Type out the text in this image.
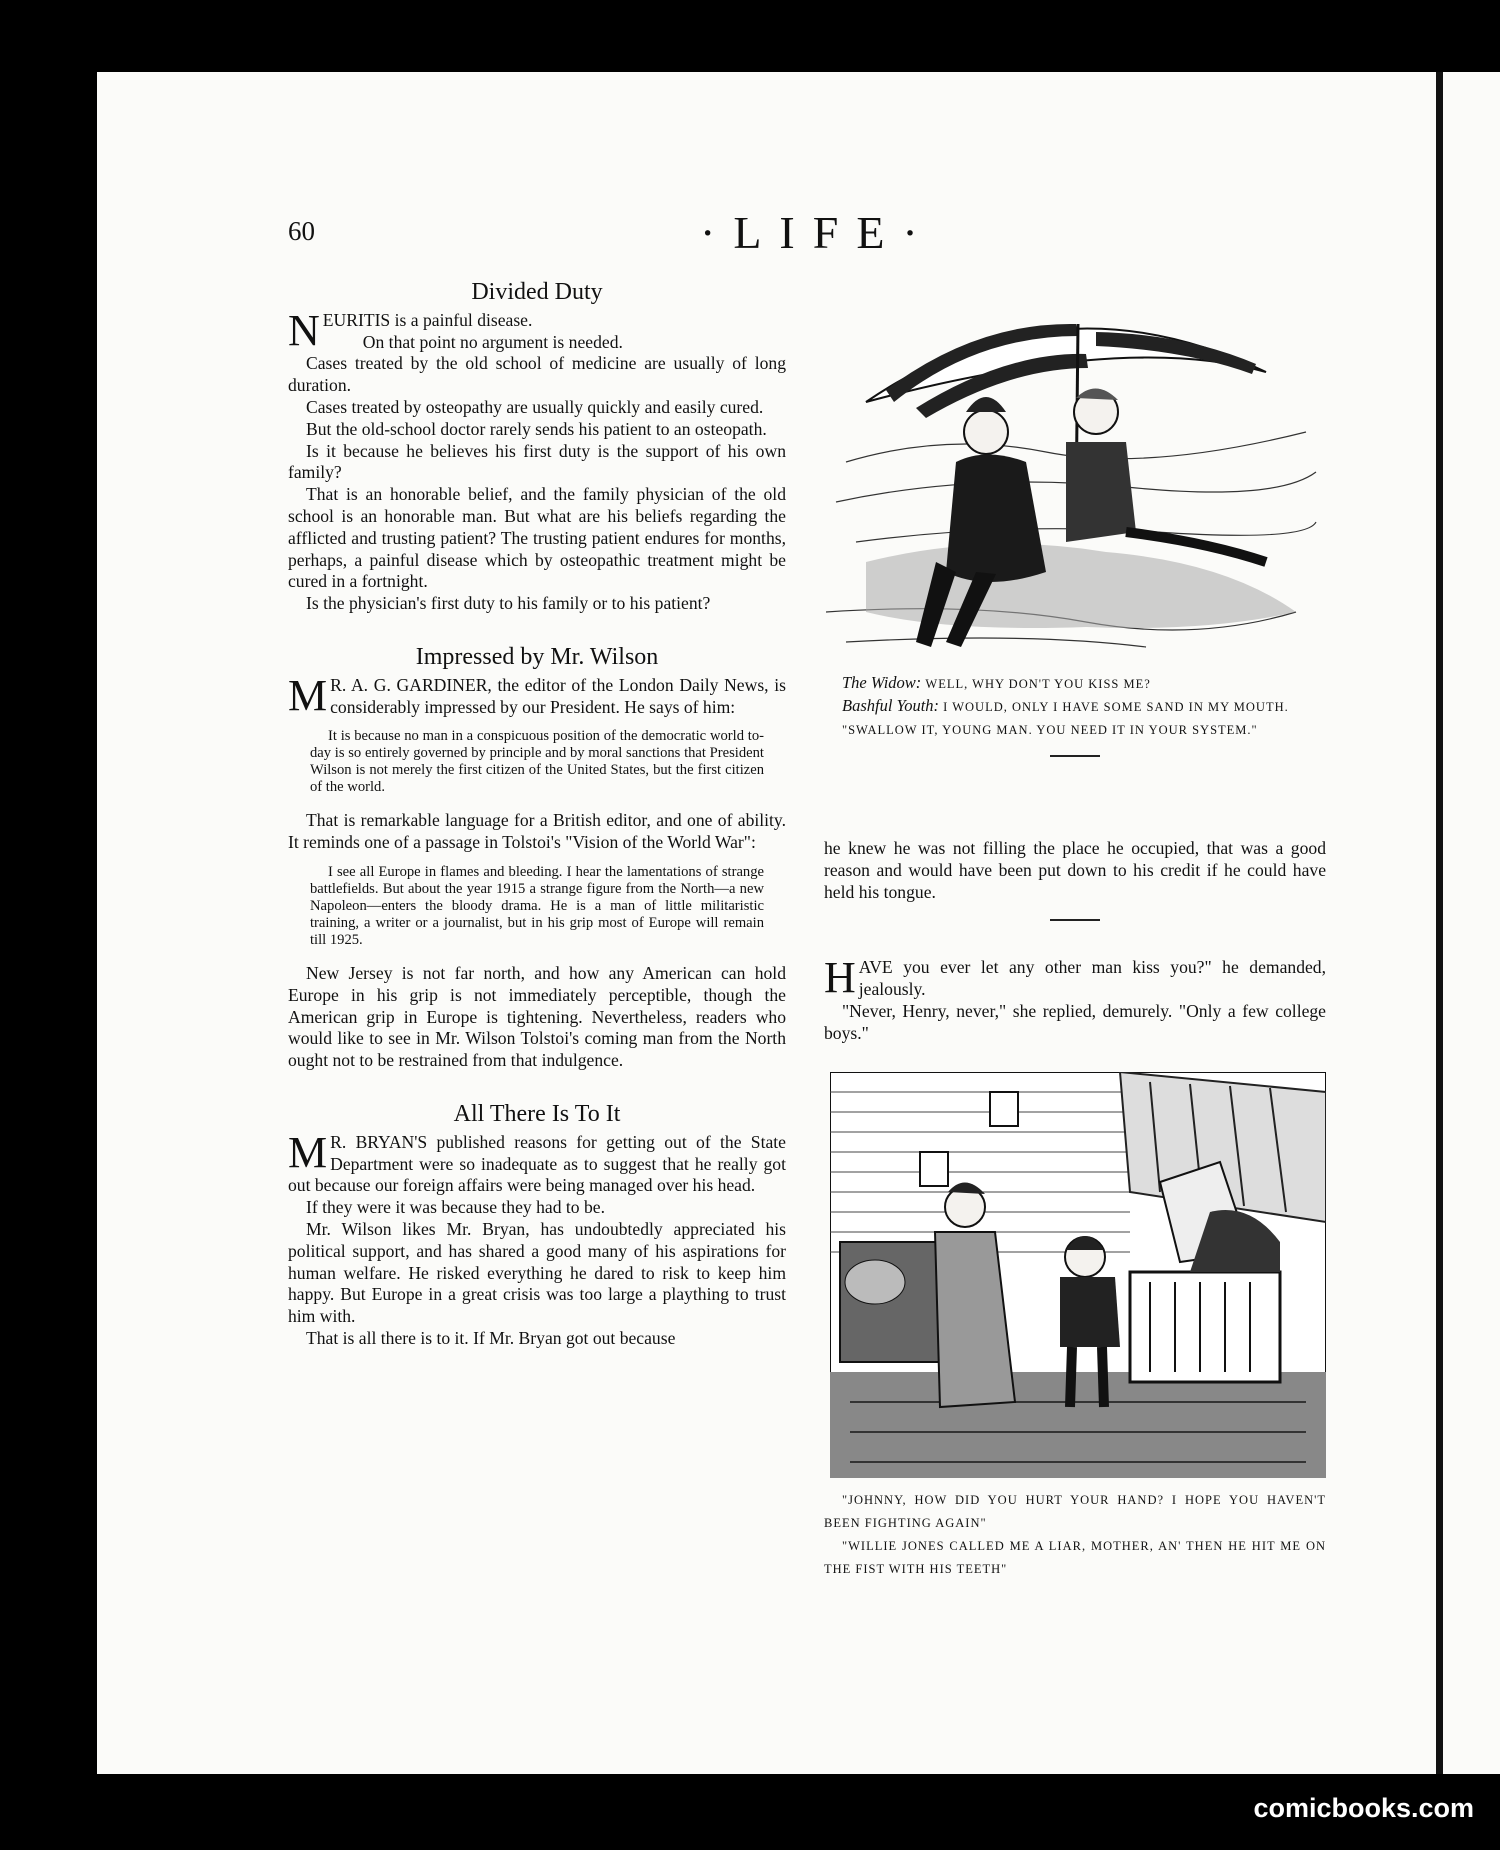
60	·LIFE·
Divided Duty

NEURITIS is a painful disease.

On that point no argument is needed.

Cases treated by the old school of medicine are usually of long duration.

Cases treated by osteopathy are usually quickly and easily cured.

But the old-school doctor rarely sends his patient to an osteopath.

Is it because he believes his first duty is the support of his own family?

That is an honorable belief, and the family physician of the old school is an honorable man. But what are his beliefs regarding the afflicted and trusting patient? The trusting patient endures for months, perhaps, a painful disease which by osteopathic treatment might be cured in a fortnight.

Is the physician's first duty to his family or to his patient?

Impressed by Mr. Wilson

M R. A. G. GARDINER, the editor of the London Daily News, is considerably impressed by our President. He says of him:

It is because no man in a conspicuous position of the democratic world to-day is so entirely governed by principle and by moral sanctions that President Wilson is not merely the first citizen of the United States, but the first citizen of the world.

That is remarkable language for a British editor, and one of ability. It reminds one of a passage in Tolstoi's "Vision of the World War":

I see all Europe in flames and bleeding. I hear the lamentations of strange battlefields. But about the year 1915 a strange figure from the North—a new Napoleon—enters the bloody drama. He is a man of little militaristic training, a writer or a journalist, but in his grip most of Europe will remain till 1925.

New Jersey is not far north, and how any American can hold Europe in his grip is not immediately perceptible, though the American grip in Europe is tightening. Nevertheless, readers who would like to see in Mr. Wilson Tolstoi's coming man from the North ought not to be restrained from that indulgence.

All There Is To It

M R. BRYAN'S published reasons for getting out of the State Department were so inadequate as to suggest that he really got out because our foreign affairs were being managed over his head.

If they were it was because they had to be.

Mr. Wilson likes Mr. Bryan, has undoubtedly appreciated his political support, and has shared a good many of his aspirations for human welfare. He risked everything he dared to risk to keep him happy. But Europe in a great crisis was too large a plaything to trust him with.

That is all there is to it. If Mr. Bryan got out because

The Widow: WELL, WHY DON'T YOU KISS ME?

Bashful Youth: I WOULD, ONLY I HAVE SOME SAND IN MY MOUTH.

"SWALLOW IT, YOUNG MAN. YOU NEED IT IN YOUR SYSTEM."

he knew he was not filling the place he occupied, that was a good reason and would have been put down to his credit if he could have held his tongue.

HAVE you ever let any other man kiss you?" he demanded, jealously.

"Never, Henry, never," she replied, demurely. "Only a few college boys."

"JOHNNY, HOW DID YOU HURT YOUR HAND? I HOPE YOU HAVEN'T BEEN FIGHTING AGAIN"

"WILLIE JONES CALLED ME A LIAR, MOTHER, AN' THEN HE HIT ME ON THE FIST WITH HIS TEETH"

comicbooks.com
